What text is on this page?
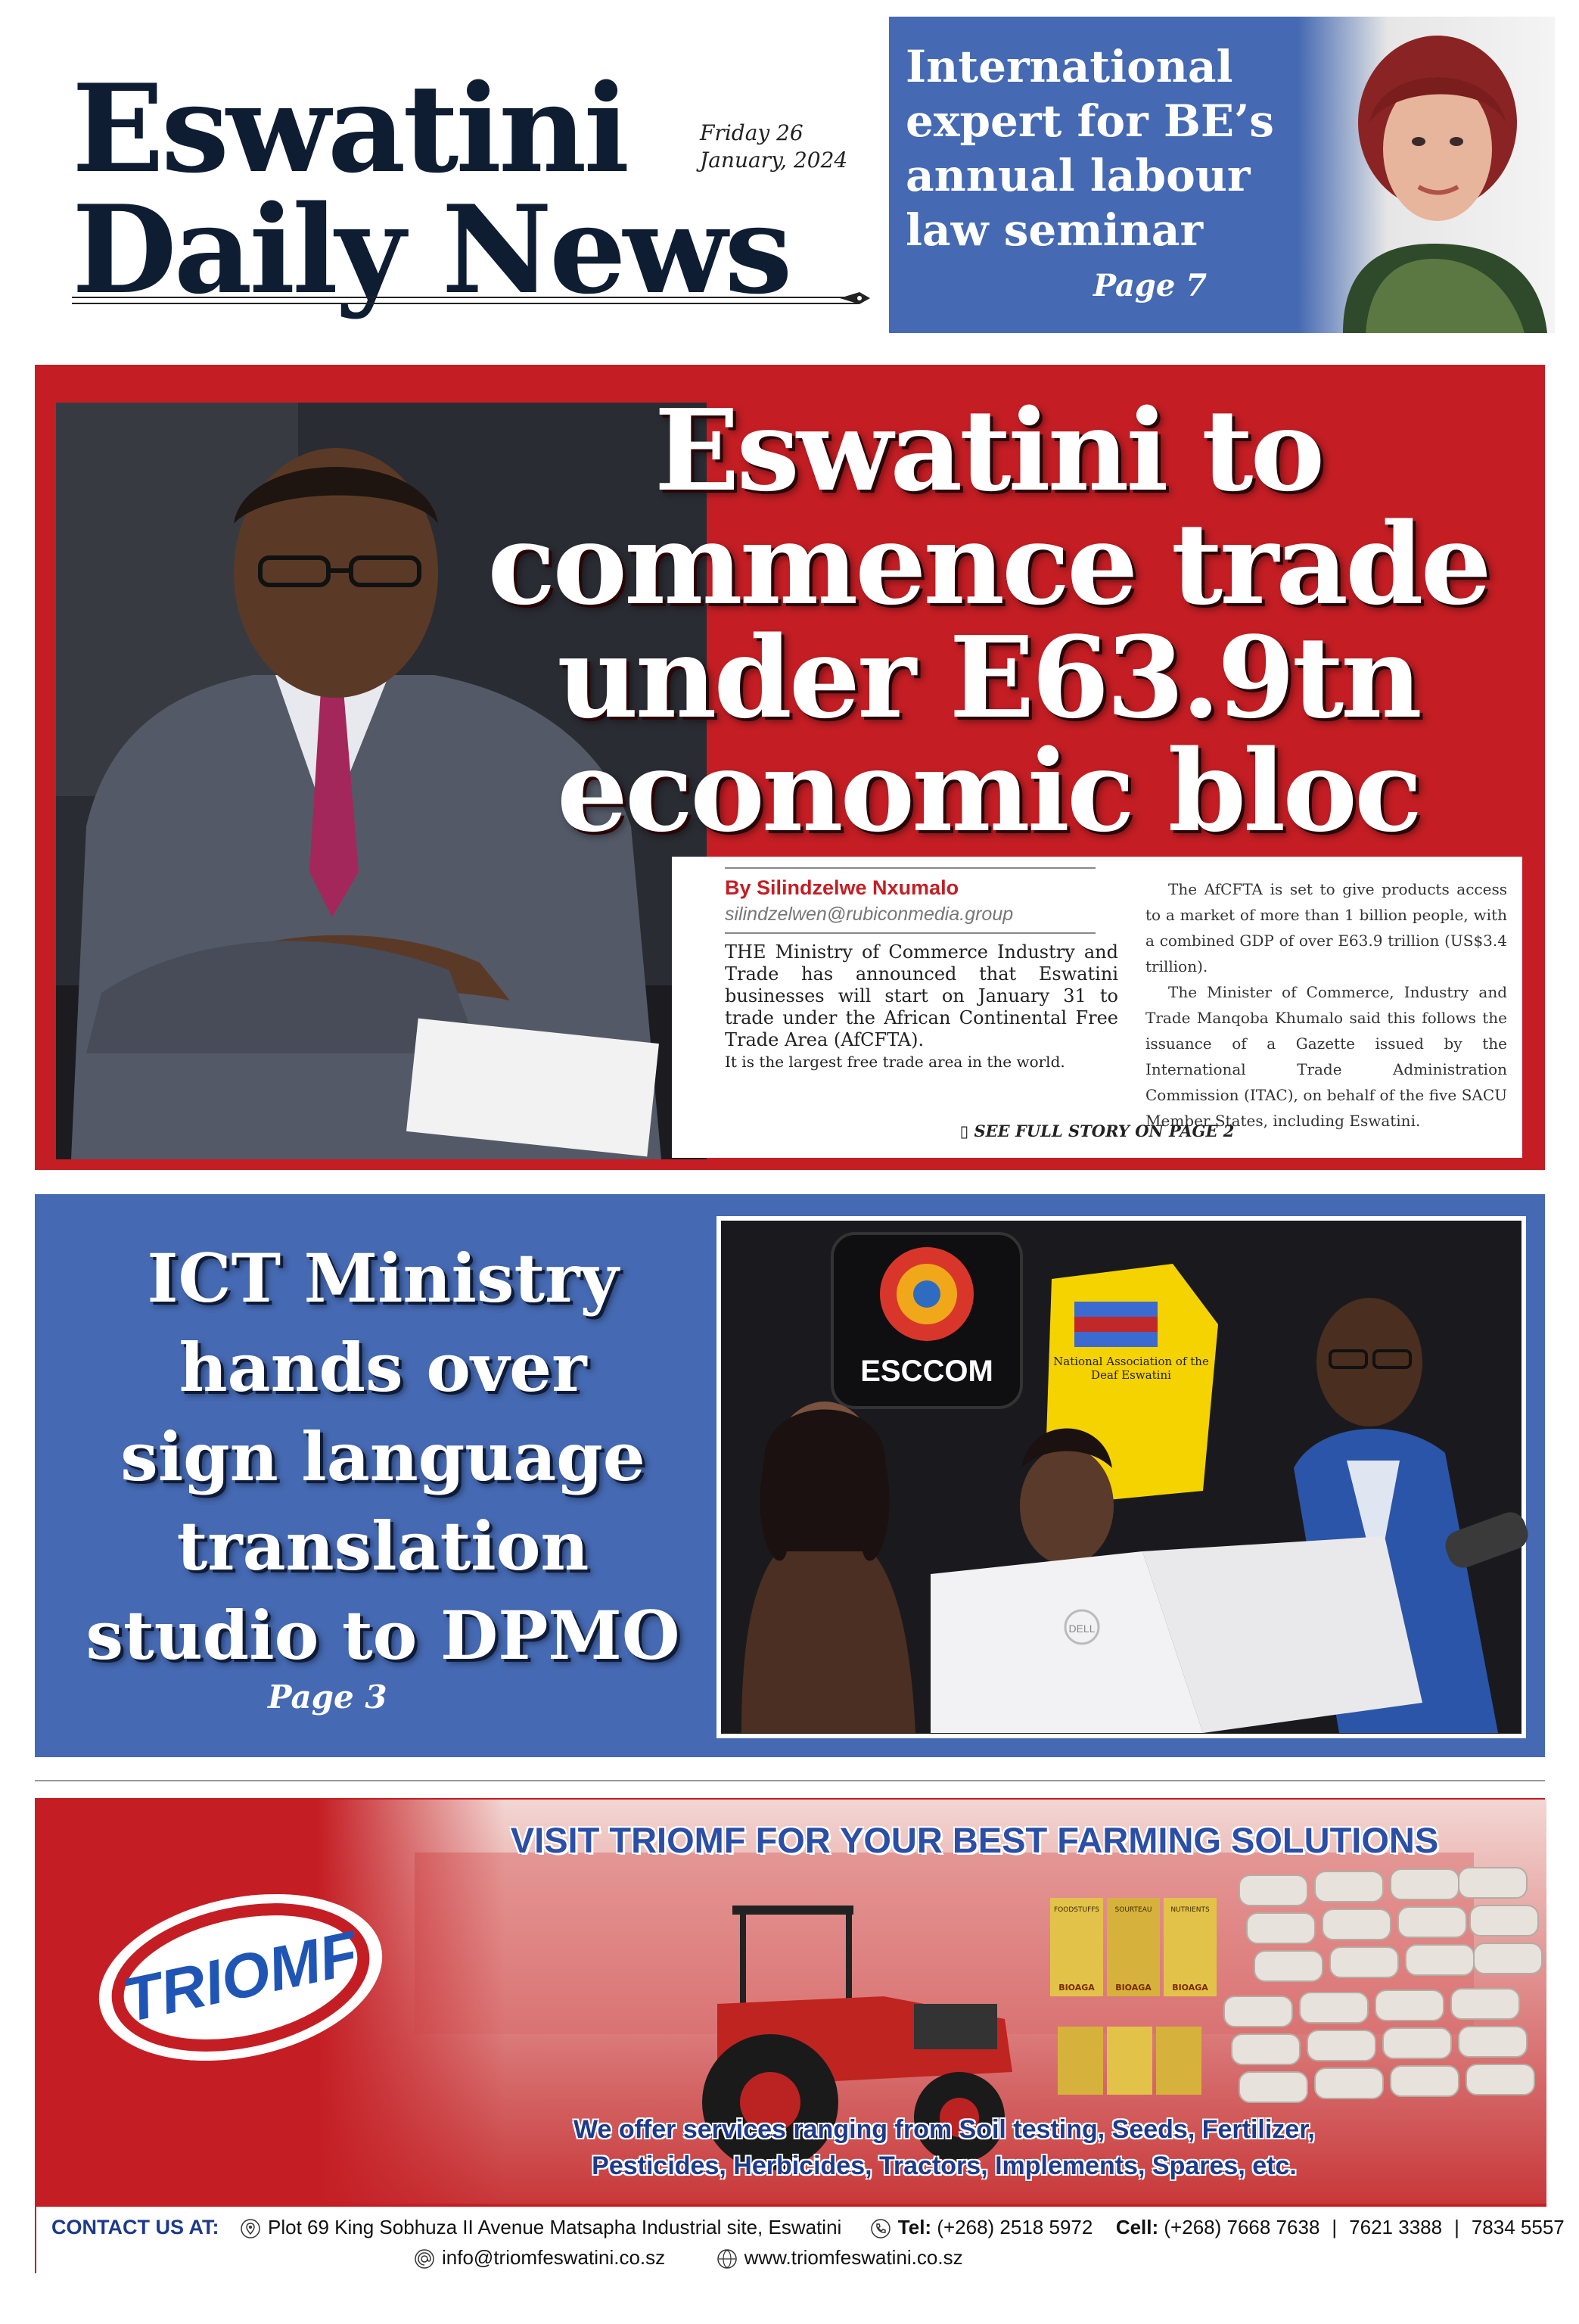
Eswatini
Daily News
Friday 26
January, 2024
International
expert for BE’s
annual labour
law seminar
Page 7
Eswatini to
commence trade
under E63.9tn
economic bloc
By Silindzelwe Nxumalo
silindzelwen@rubiconmedia.group
THE Ministry of Commerce Industry and Trade has announced that Eswatini businesses will start on January 31 to trade under the African Continental Free Trade Area (AfCFTA).
It is the largest free trade area in the world.

The AfCFTA is set to give products access to a market of more than 1 billion people, with a combined GDP of over E63.9 trillion (US$3.4 trillion).

The Minister of Commerce, Industry and Trade Manqoba Khumalo said this follows the issuance of a Gazette issued by the International Trade Administration Commission (ITAC), on behalf of the five SACU Member States, including Eswatini.

▯ SEE FULL STORY ON PAGE 2
ICT Ministry
hands over
sign language
translation
studio to DPMO
Page 3
ESCCOM	National Association of the Deaf Eswatini
DELL
TRIOMF
FOODSTUFFS SOURTEAU	NUTRIENTS
BIOAGA BIOAGA BIOAGA
VISIT TRIOMF FOR YOUR BEST FARMING SOLUTIONS
We offer services ranging from Soil testing, Seeds, Fertilizer,
Pesticides, Herbicides, Tractors, Implements, Spares, etc.
CONTACT US AT:	Plot 69 King Sobhuza II Avenue Matsapha Industrial site, Eswatini	Tel: (+268) 2518 5972 Cell: (+268) 7668 7638 | 7621 3388 | 7834 5557
info@triomfeswatini.co.sz	www.triomfeswatini.co.sz
